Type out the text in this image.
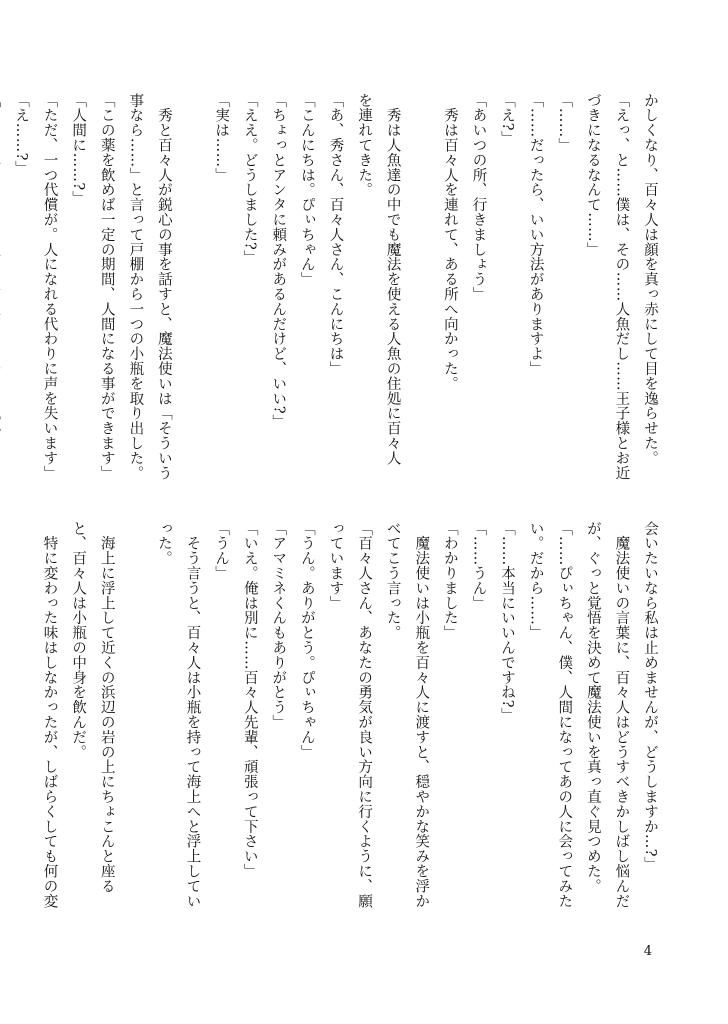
かしくなり、百々人は顔を真っ赤にして目を逸らせた。
「えっ、と……僕は、その……人魚だし……王子様とお近
づきになるなんて……」
「……」
「……だったら、いい方法がありますよ」
「え?」
「あいつの所、行きましょう」
　秀は百々人を連れて、ある所へ向かった。

　秀は人魚達の中でも魔法を使える人魚の住処に百々人
を連れてきた。
「あ、秀さん、百々人さん、こんにちは」
「こんにちは。ぴぃちゃん」
「ちょっとアンタに頼みがあるんだけど、いい?」
「ええ。どうしました?」
「実は……」

　秀と百々人が鋭心の事を話すと、魔法使いは「そういう
事なら……」と言って戸棚から一つの小瓶を取り出した。
「この薬を飲めば一定の期間、人間になる事ができます」
「人間に……?」
「ただ、一つ代償が。人になれる代わりに声を失います」
「え……?」
会いたいなら私は止めませんが、どうしますか…?」
　魔法使いの言葉に、百々人はどうすべきかしばし悩んだ
が、ぐっと覚悟を決めて魔法使いを真っ直ぐ見つめた。
「……ぴぃちゃん、僕、人間になってあの人に会ってみた
い。だから……」
「……本当にいいんですね?」
「……うん」
「わかりました」
　魔法使いは小瓶を百々人に渡すと、穏やかな笑みを浮か
べてこう言った。
「百々人さん、あなたの勇気が良い方向に行くように、願
っています」
「うん。ありがとう。ぴぃちゃん」
「アマミネくんもありがとう」
「いえ。俺は別に……百々人先輩、頑張って下さい」
「うん」
　そう言うと、百々人は小瓶を持って海上へと浮上してい
った。

　海上に浮上して近くの浜辺の岩の上にちょこんと座る
と、百々人は小瓶の中身を飲んだ。
　特に変わった味はしなかったが、しばらくしても何の変
4
